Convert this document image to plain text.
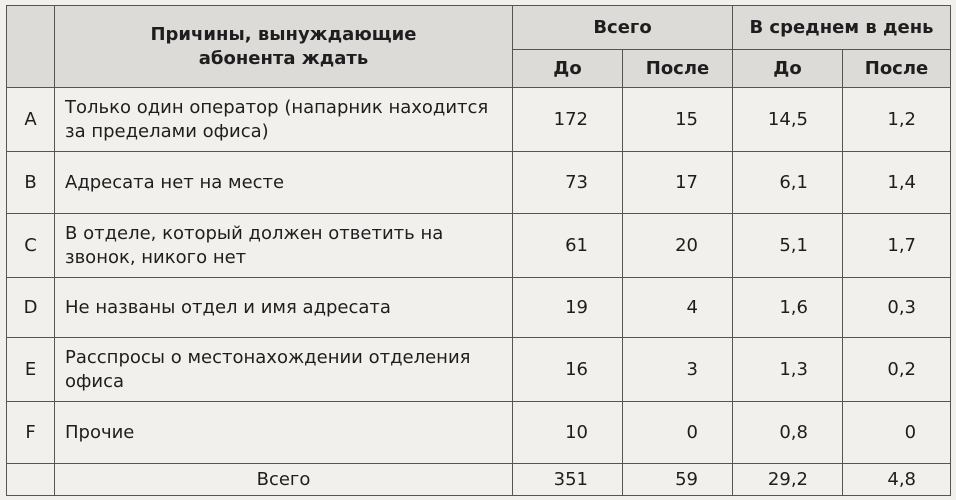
	Причины, вынуждающие абонента ждать	Всего		В среднем в день	
		До	После	До	После
A	Только один оператор (напарник находится за пределами офиса)	172	15	14,5	1,2
B	Адресата нет на месте	73	17	6,1	1,4
C	В отделе, который должен ответить на звонок, никого нет	61	20	5,1	1,7
D	Не названы отдел и имя адресата	19	4	1,6	0,3
E	Расспросы о местонахождении отделения офиса	16	3	1,3	0,2
F	Прочие	10	0	0,8	0
	Всего	351	59	29,2	4,8
